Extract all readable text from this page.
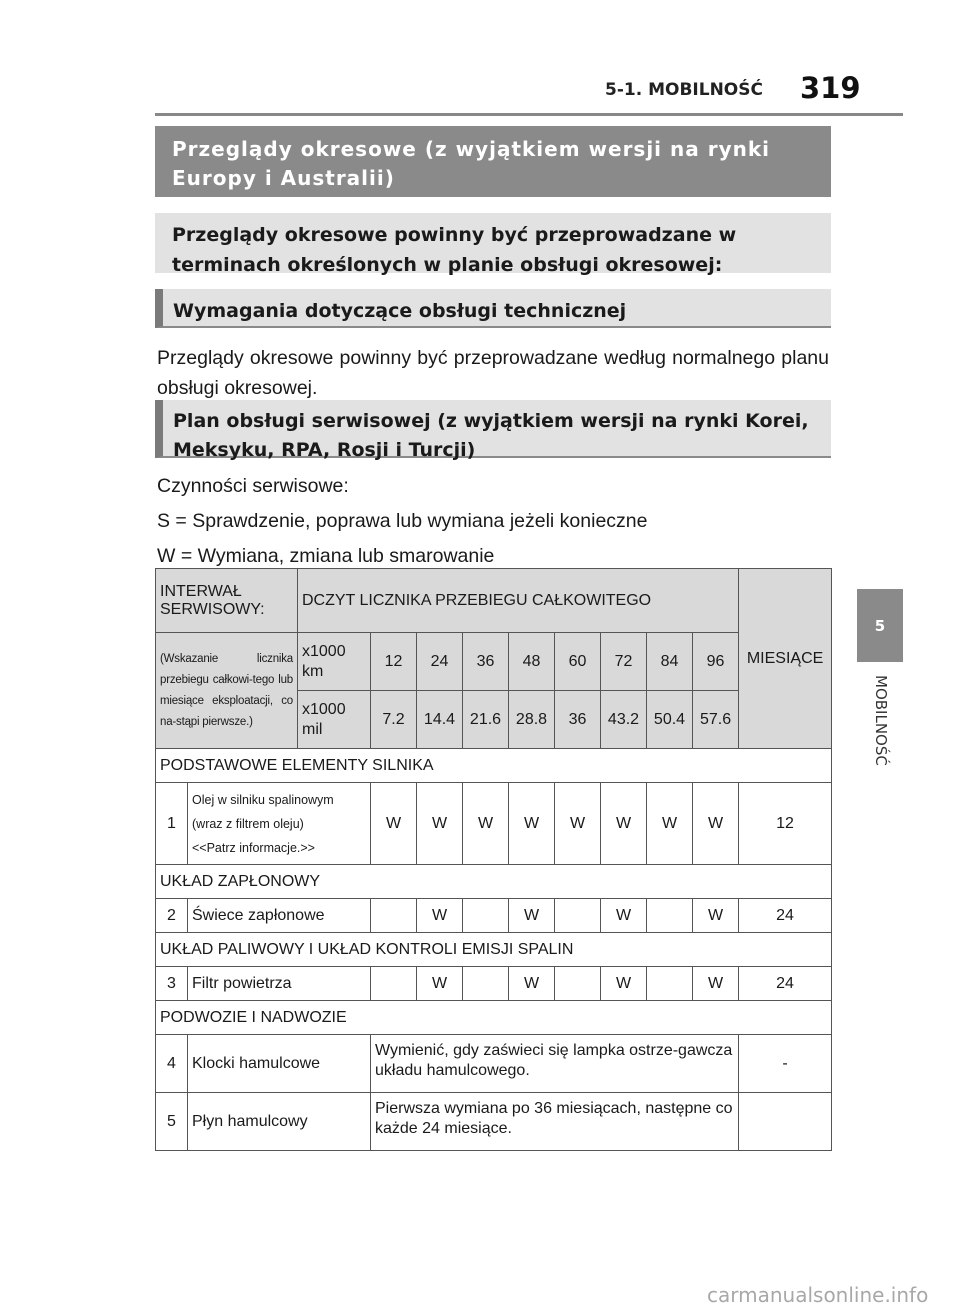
5-1. MOBILNOŚĆ 319
5
MOBILNOŚĆ
Przeglądy okresowe (z wyjątkiem wersji na rynki Europy i Australii)
Przeglądy okresowe powinny być przeprowadzane w terminach określonych w planie obsługi okresowej:
Wymagania dotyczące obsługi technicznej
Przeglądy okresowe powinny być przeprowadzane według normalnego planu obsługi okresowej.
Plan obsługi serwisowej (z wyjątkiem wersji na rynki Korei, Meksyku, RPA, Rosji i Turcji)
Czynności serwisowe:
S = Sprawdzenie, poprawa lub wymiana jeżeli konieczne
W = Wymiana, zmiana lub smarowanie
INTERWAŁ SERWISOWY:		DCZYT LICZNIKA PRZEBIEGU CAŁKOWITEGO									MIESIĄCE
(Wskazanie licznika przebiegu całkowi-tego lub miesiące eksploatacji, co na-stąpi pierwsze.)		x1000 km	12	24	36	48	60	72	84	96	
		x1000 mil	7.2	14.4	21.6	28.8	36	43.2	50.4	57.6	
PODSTAWOWE ELEMENTY SILNIKA											
1	Olej w silniku spalinowym
(wraz z filtrem oleju)
<<Patrz informacje.>>		W	W	W	W	W	W	W	W	12
UKŁAD ZAPŁONOWY											
2	Świece zapłonowe			W		W		W		W	24
UKŁAD PALIWOWY I UKŁAD KONTROLI EMISJI SPALIN											
3	Filtr powietrza			W		W		W		W	24
PODWOZIE I NADWOZIE											
4	Klocki hamulcowe		Wymienić, gdy zaświeci się lampka ostrze-gawcza układu hamulcowego.								-
5	Płyn hamulcowy		Pierwsza wymiana po 36 miesiącach, następne co każde 24 miesiące.								
carmanualsonline.info
